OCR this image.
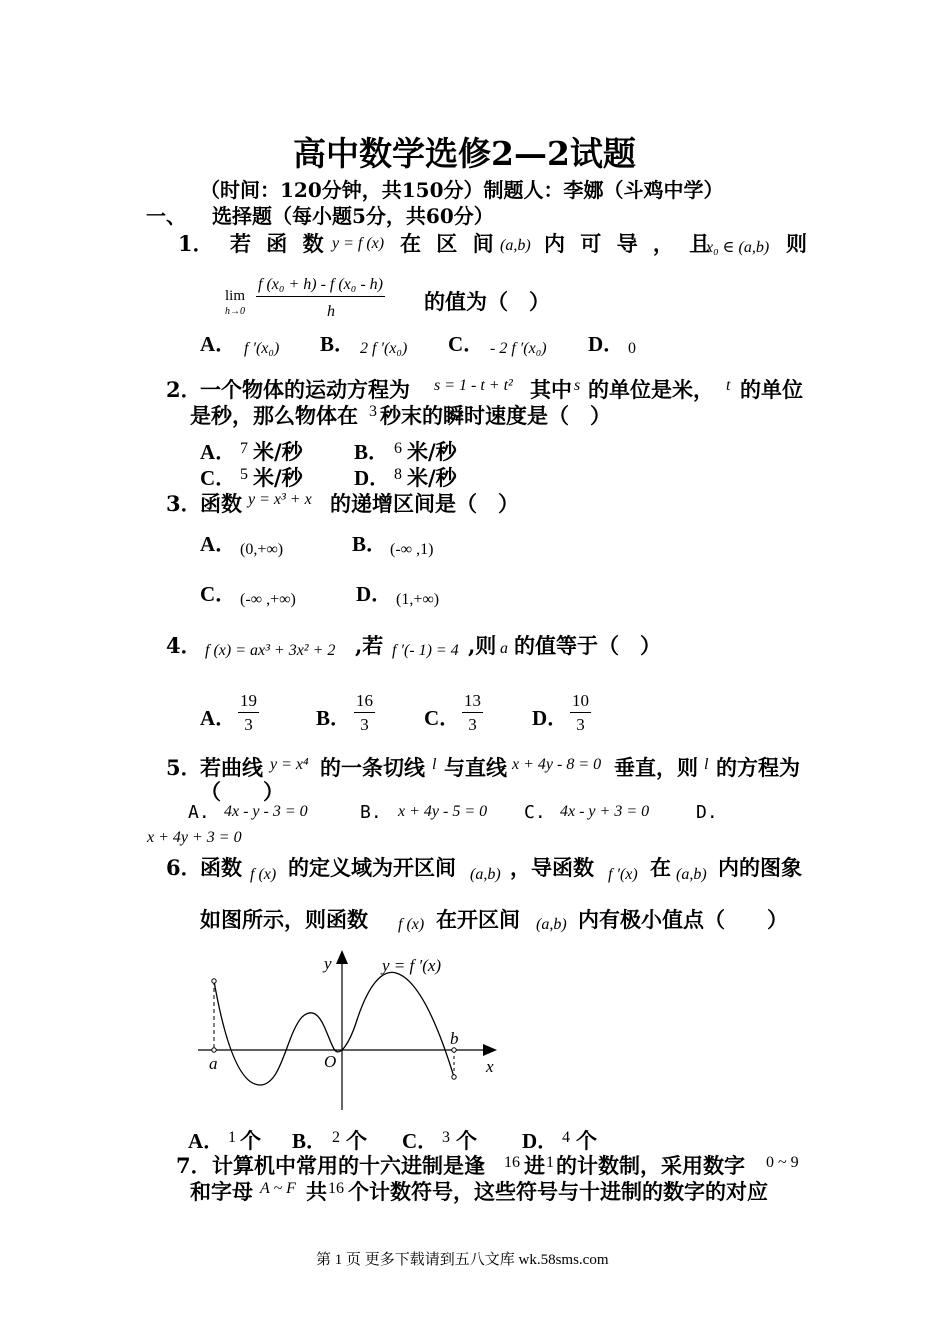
高中数学选修2—2试题
（时间：120分钟，共150分）制题人：李娜（斗鸡中学）
一、 选择题（每小题5分，共60分）
1． 若 函 数 y = f (x) 在 区 间 (a,b) 内 可 导 ， 且
x₀ ∈ (a,b) 则
lim
h→0
f (x₀ + h) - f (x₀ - h)
h	的值为（　）
A． f ′(x₀) B． 2 f ′(x₀) C． - 2 f ′(x₀) D． 0
2．
一个物体的运动方程为 s = 1 - t + t² 其中 s 的单位是米， t 的单位
是秒，那么物体在 3 秒末的瞬时速度是（　）
A． 7 米/秒 B． 6 米/秒
C． 5 米/秒 D． 8 米/秒
3．
函数 y = x³ + x 的递增区间是（　）
A． (0,+∞)	B． (-∞ ,1)
C． (-∞ ,+∞)	D． (1,+∞)
4． f (x) = ax³ + 3x² + 2 ,若 f ′(- 1) = 4 ,则 a 的值等于（　）
A． $\frac{19}{3}$	B． $\frac{16}{3}$ C． $\frac{13}{3}$ D． $\frac{10}{3}$
5．
若曲线 y = x⁴ 的一条切线 l 与直线 x + 4y - 8 = 0 垂直，则 l 的方程为
（　　）
A. 4x - y - 3 = 0	B. x + 4y - 5 = 0 C. 4x - y + 3 = 0	D.
x + 4y + 3 = 0
6．
函数 f (x) 的定义域为开区间 (a,b) ，导函数 f ′(x) 在 (a,b) 内的图象
如图所示，则函数 f (x) 在开区间 (a,b) 内有极小值点（　　）
y
x
O
a
b
y = f ′(x)
A． 1 个 B． 2 个 C． 3 个 D． 4 个
7． 计算机中常用的十六进制是逢 16 进 1 的计数制，采用数字 0 ~ 9
和字母 A ~ F 共 16 个计数符号，这些符号与十进制的数字的对应
第 1 页 更多下载请到五八文库 wk.58sms.com
